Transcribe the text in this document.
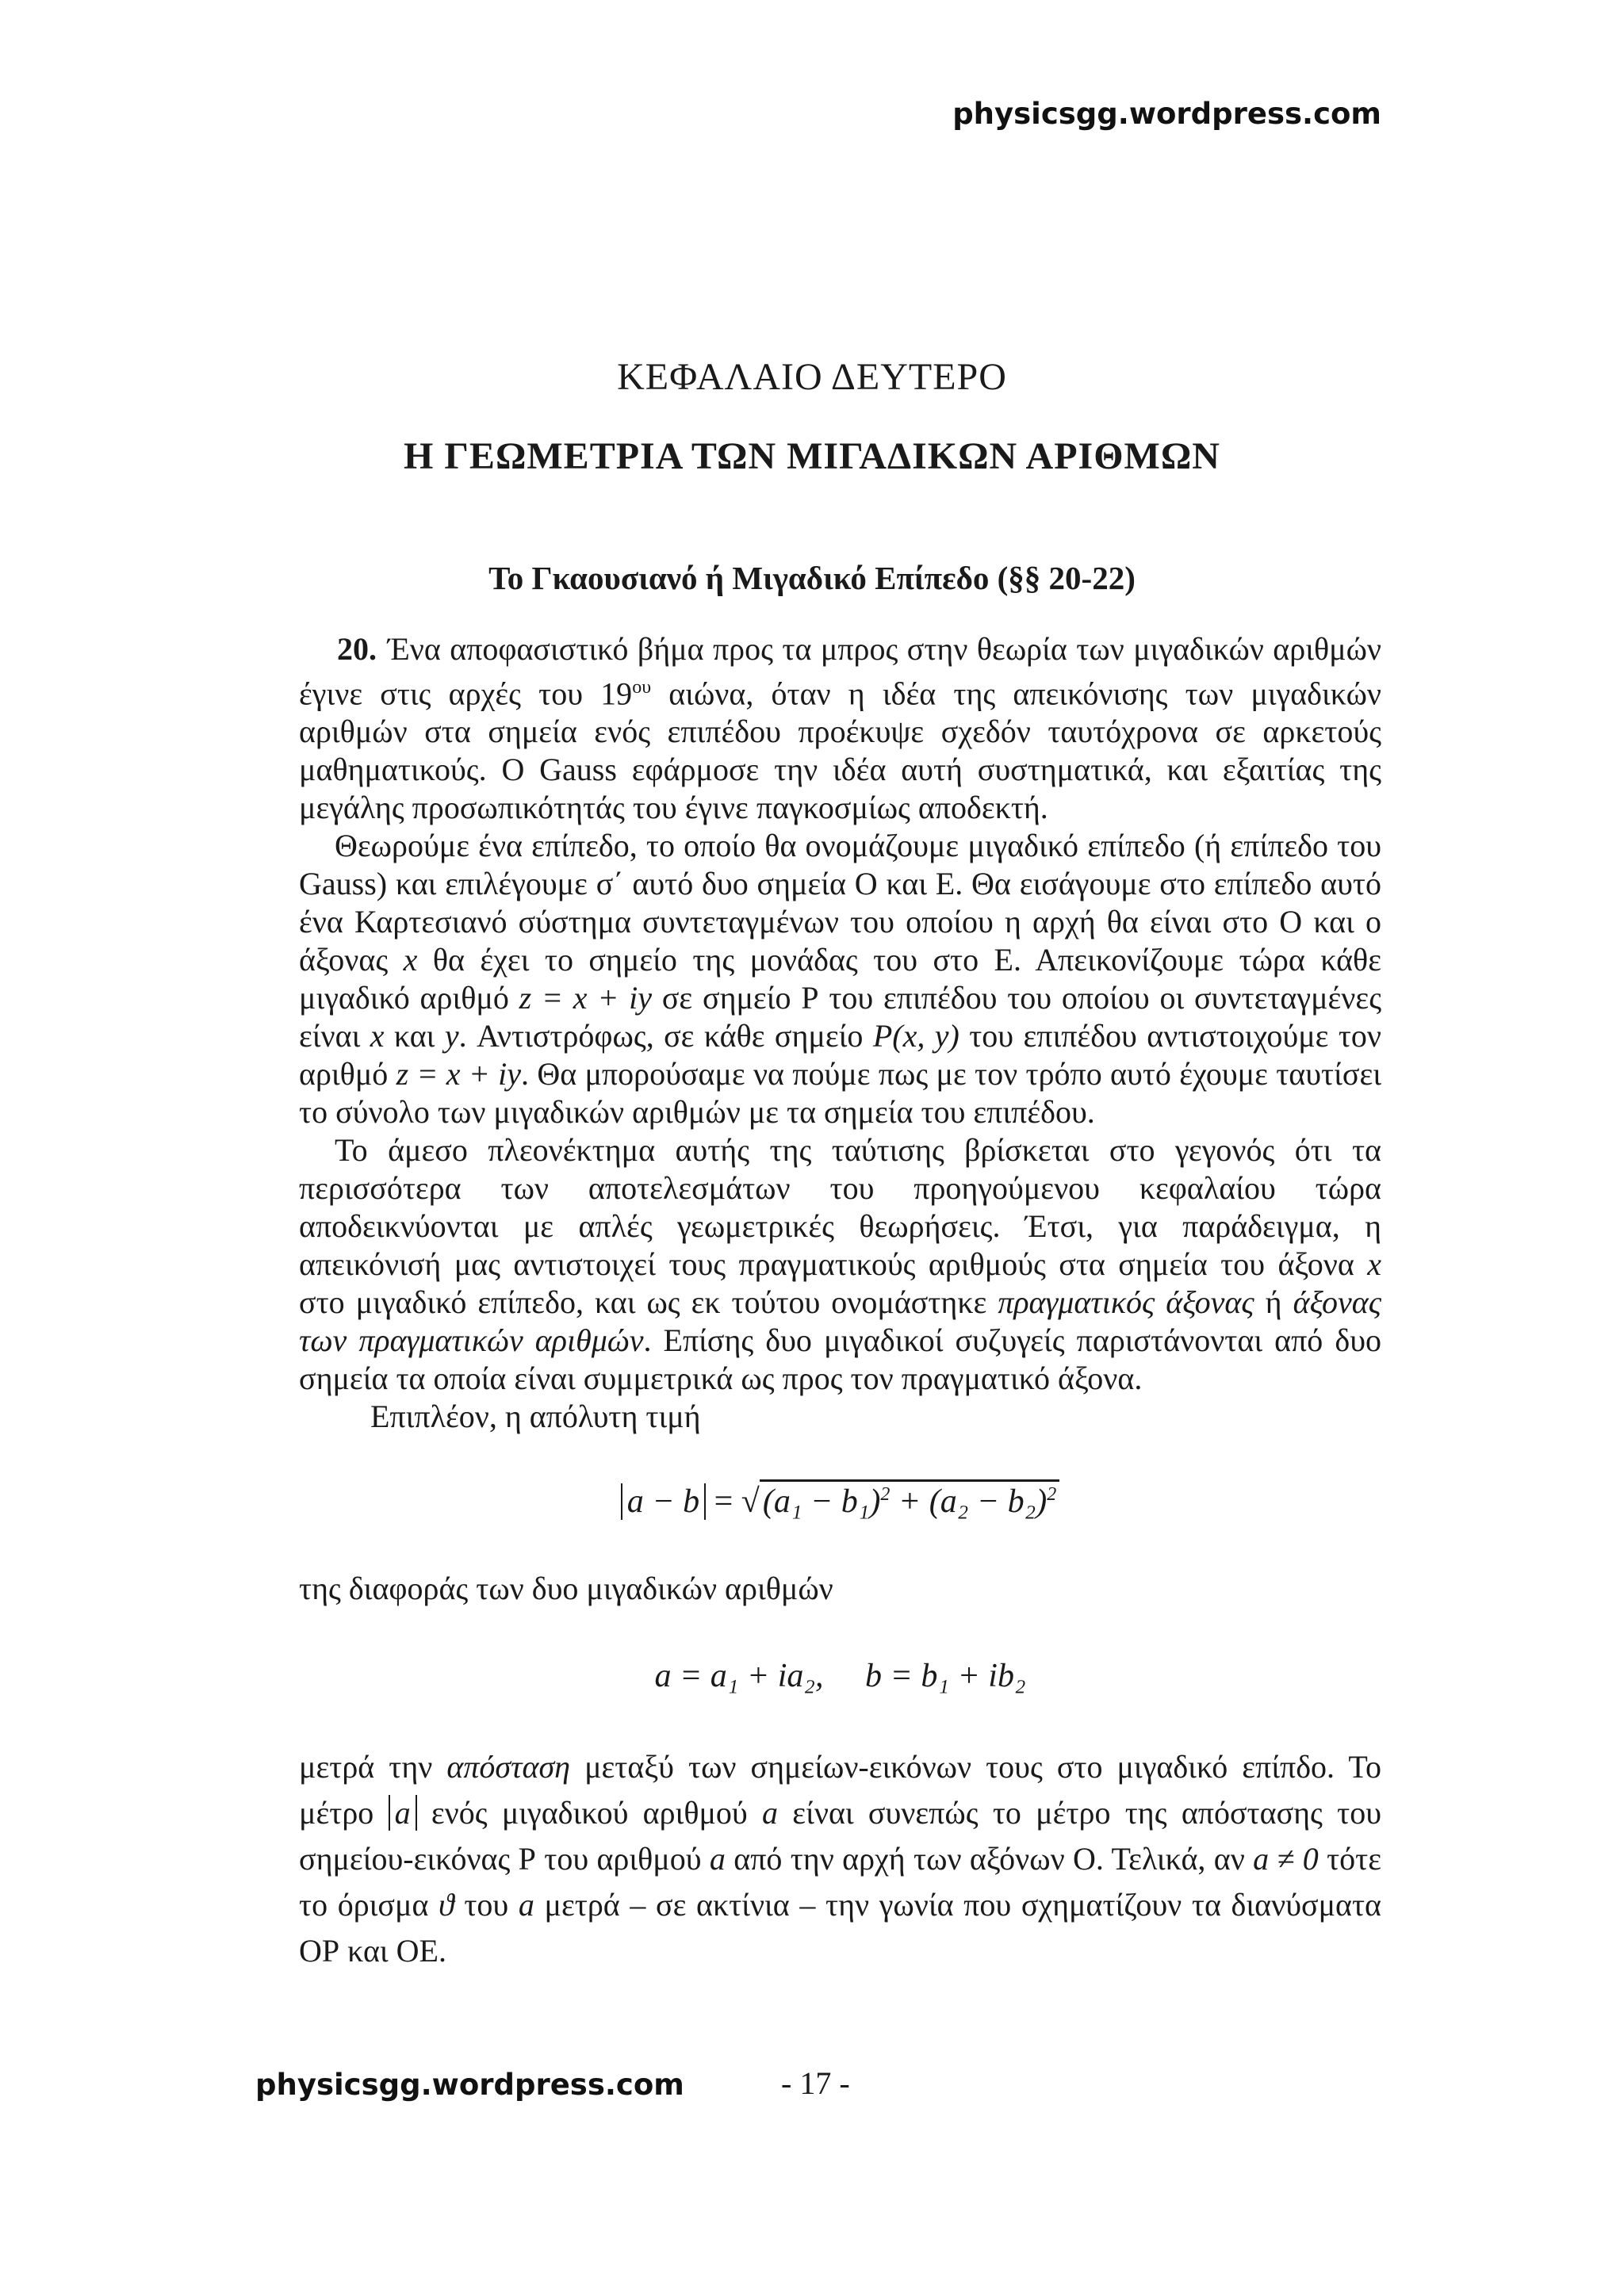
physicsgg.wordpress.com
ΚΕΦΑΛΑΙΟ ΔΕΥΤΕΡΟ
Η ΓΕΩΜΕΤΡΙΑ ΤΩΝ ΜΙΓΑΔΙΚΩΝ ΑΡΙΘΜΩΝ
Το Γκαουσιανό ή Μιγαδικό Επίπεδο (§§ 20-22)

20. Ένα αποφασιστικό βήμα προς τα μπρος στην θεωρία των μιγαδικών αριθμών έγινε στις αρχές του $19^{o\upsilon}$ αιώνα, όταν η ιδέα της απεικόνισης των μιγαδικών αριθμών στα σημεία ενός επιπέδου προέκυψε σχεδόν ταυτόχρονα σε αρκετούς μαθηματικούς. Ο Gauss εφάρμοσε την ιδέα αυτή συστηματικά, και εξαιτίας της μεγάλης προσωπικότητάς του έγινε παγκοσμίως αποδεκτή.

Θεωρούμε ένα επίπεδο, το οποίο θα ονομάζουμε μιγαδικό επίπεδο (ή επίπεδο του Gauss) και επιλέγουμε σ΄ αυτό δυο σημεία Ο και Ε. Θα εισάγουμε στο επίπεδο αυτό ένα Καρτεσιανό σύστημα συντεταγμένων του οποίου η αρχή θα είναι στο Ο και ο άξονας x θα έχει το σημείο της μονάδας του στο Ε. Απεικονίζουμε τώρα κάθε μιγαδικό αριθμό z = x + iy σε σημείο Ρ του επιπέδου του οποίου οι συντεταγμένες είναι x και y. Αντιστρόφως, σε κάθε σημείο P(x, y) του επιπέδου αντιστοιχούμε τον αριθμό z = x + iy. Θα μπορούσαμε να πούμε πως με τον τρόπο αυτό έχουμε ταυτίσει το σύνολο των μιγαδικών αριθμών με τα σημεία του επιπέδου.

Το άμεσο πλεονέκτημα αυτής της ταύτισης βρίσκεται στο γεγονός ότι τα περισσότερα των αποτελεσμάτων του προηγούμενου κεφαλαίου τώρα αποδεικνύονται με απλές γεωμετρικές θεωρήσεις. Έτσι, για παράδειγμα, η απεικόνισή μας αντιστοιχεί τους πραγματικούς αριθμούς στα σημεία του άξονα x στο μιγαδικό επίπεδο, και ως εκ τούτου ονομάστηκε πραγματικός άξονας ή άξονας των πραγματικών αριθμών. Επίσης δυο μιγαδικοί συζυγείς παριστάνονται από δυο σημεία τα οποία είναι συμμετρικά ως προς τον πραγματικό άξονα.

Επιπλέον, η απόλυτη τιμή

$a - b = √(a_1 - b_1)^2 + (a_2 - b_2)^2$

της διαφοράς των δυο μιγαδικών αριθμών

a = a₁ + ia₂, b = b₁ + ib₂

μετρά την απόσταση μεταξύ των σημείων-εικόνων τους στο μιγαδικό επίπδο. Το μέτρο a ενός μιγαδικού αριθμού a είναι συνεπώς το μέτρο της απόστασης του σημείου-εικόνας Ρ του αριθμού a από την αρχή των αξόνων Ο. Τελικά, αν a ≠ 0 τότε το όρισμα ϑ του a μετρά – σε ακτίνια – την γωνία που σχηματίζουν τα διανύσματα ΟΡ και ΟΕ.

physicsgg.wordpress.com	- 17 -
